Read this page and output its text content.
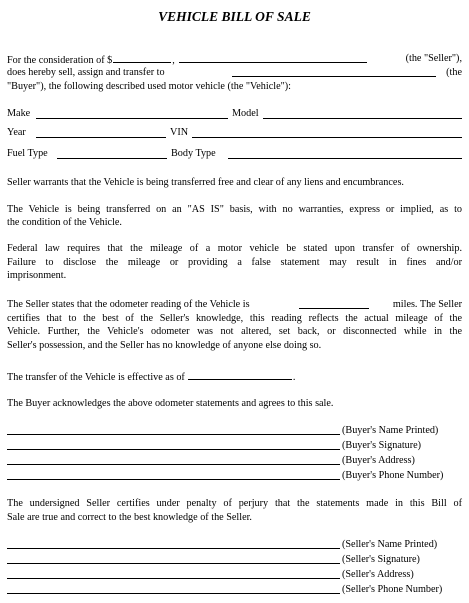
VEHICLE BILL OF SALE
For the consideration of $	,	(the "Seller"),
does hereby sell, assign and transfer to	(the
"Buyer"), the following described used motor vehicle (the "Vehicle"):
Make	Model
Year	VIN
Fuel Type	Body Type
Seller warrants that the Vehicle is being transferred free and clear of any liens and encumbrances.
The Vehicle is being transferred on an "AS IS" basis, with no warranties, express or implied, as to
the condition of the Vehicle.
Federal law requires that the mileage of a motor vehicle be stated upon transfer of ownership.
Failure to disclose the mileage or providing a false statement may result in fines and/or
imprisonment.
The Seller states that the odometer reading of the Vehicle is	miles. The Seller
certifies that to the best of the Seller's knowledge, this reading reflects the actual mileage of the
Vehicle. Further, the Vehicle's odometer was not altered, set back, or disconnected while in the
Seller's possession, and the Seller has no knowledge of anyone else doing so.
The transfer of the Vehicle is effective as of	.
The Buyer acknowledges the above odometer statements and agrees to this sale.
(Buyer's Name Printed)
(Buyer's Signature)
(Buyer's Address)
(Buyer's Phone Number)
The undersigned Seller certifies under penalty of perjury that the statements made in this Bill of
Sale are true and correct to the best knowledge of the Seller.
(Seller's Name Printed)
(Seller's Signature)
(Seller's Address)
(Seller's Phone Number)
